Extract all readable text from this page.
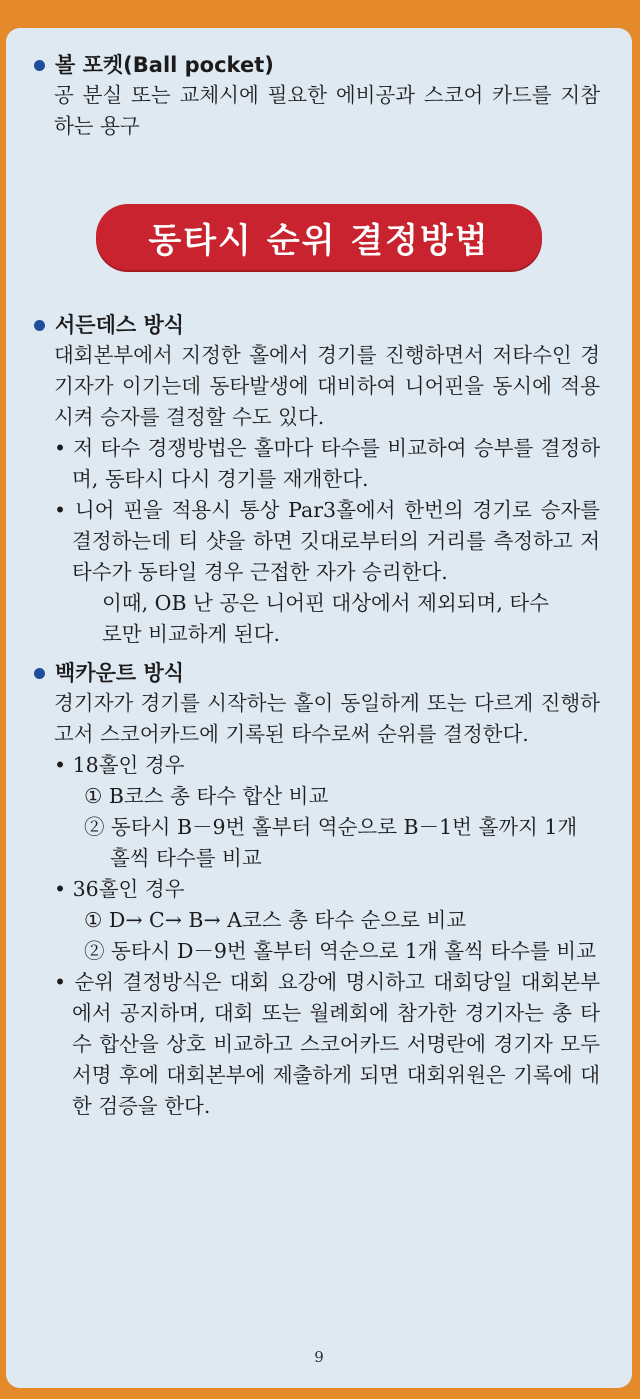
볼 포켓(Ball pocket)
공 분실 또는 교체시에 필요한 에비공과 스코어 카드를 지참하는 용구
동타시 순위 결정방법
서든데스 방식
대회본부에서 지정한 홀에서 경기를 진행하면서 저타수인 경기자가 이기는데 동타발생에 대비하여 니어핀을 동시에 적용시켜 승자를 결정할 수도 있다.
• 저 타수 경쟁방법은 홀마다 타수를 비교하여 승부를 결정하며, 동타시 다시 경기를 재개한다.
• 니어 핀을 적용시 통상 Par3홀에서 한번의 경기로 승자를 결정하는데 티 샷을 하면 깃대로부터의 거리를 측정하고 저타수가 동타일 경우 근접한 자가 승리한다.
이때, OB 난 공은 니어핀 대상에서 제외되며, 타수
로만 비교하게 된다.
백카운트 방식
경기자가 경기를 시작하는 홀이 동일하게 또는 다르게 진행하고서 스코어카드에 기록된 타수로써 순위를 결정한다.
• 18홀인 경우
① B코스 총 타수 합산 비교
② 동타시 B－9번 홀부터 역순으로 B－1번 홀까지 1개 홀씩 타수를 비교
• 36홀인 경우
① D→ C→ B→ A코스 총 타수 순으로 비교
② 동타시 D－9번 홀부터 역순으로 1개 홀씩 타수를 비교
• 순위 결정방식은 대회 요강에 명시하고 대회당일 대회본부에서 공지하며, 대회 또는 월례회에 참가한 경기자는 총 타수 합산을 상호 비교하고 스코어카드 서명란에 경기자 모두 서명 후에 대회본부에 제출하게 되면 대회위원은 기록에 대한 검증을 한다.
9
